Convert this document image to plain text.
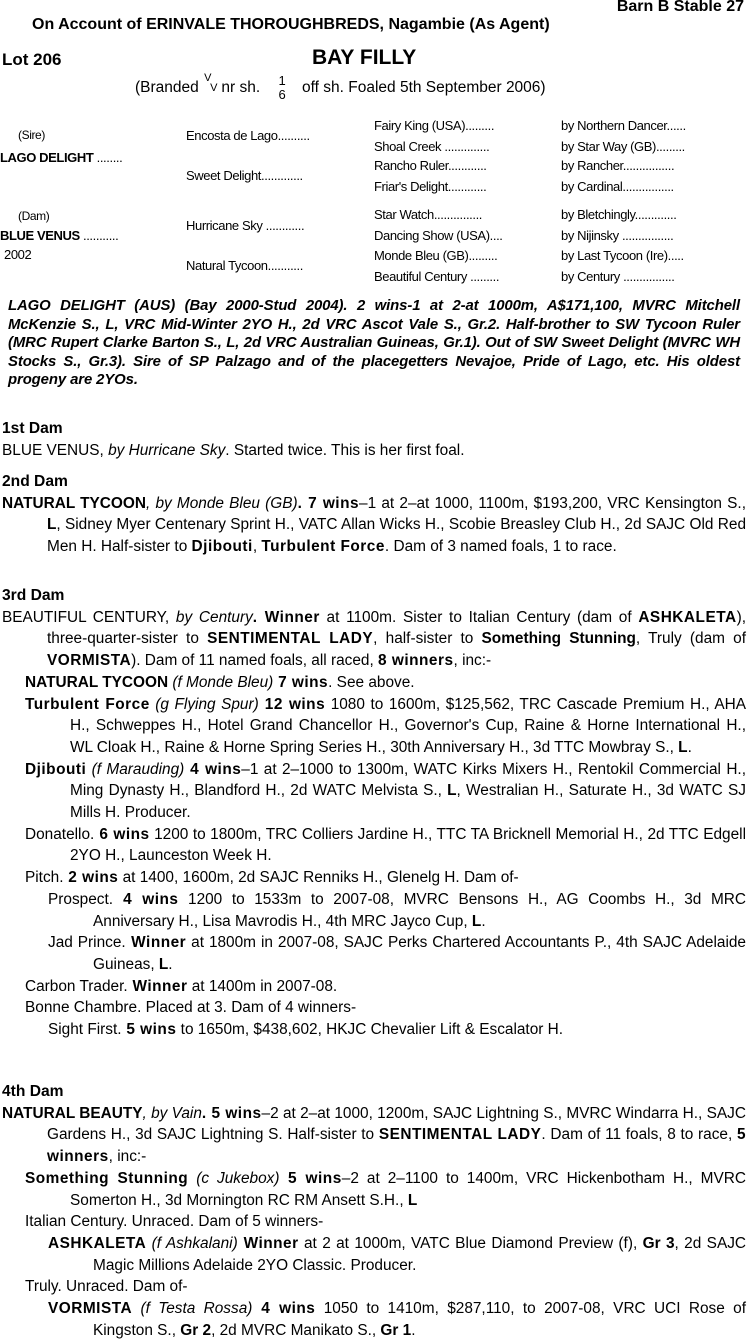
Barn B Stable 27
On Account of ERINVALE THOROUGHBREDS, Nagambie (As Agent)
Lot 206	BAY FILLY
(Branded
V
V nr sh. 1
6 off sh. Foaled 5th September 2006)
(Sire)
LAGO DELIGHT ........
(Dam)
BLUE VENUS ...........
2002
Encosta de Lago..........
Sweet Delight.............
Hurricane Sky ............
Natural Tycoon...........
Fairy King (USA).........
Shoal Creek ..............
Rancho Ruler............
Friar's Delight............
Star Watch...............
Dancing Show (USA)....
Monde Bleu (GB).........
Beautiful Century .........
by Northern Dancer......
by Star Way (GB).........
by Rancher................
by Cardinal................
by Bletchingly.............
by Nijinsky ................
by Last Tycoon (Ire).....
by Century ................
LAGO DELIGHT (AUS) (Bay 2000-Stud 2004). 2 wins-1 at 2-at 1000m, A$171,100, MVRC Mitchell McKenzie S., L, VRC Mid-Winter 2YO H., 2d VRC Ascot Vale S., Gr.2. Half-brother to SW Tycoon Ruler (MRC Rupert Clarke Barton S., L, 2d VRC Australian Guineas, Gr.1). Out of SW Sweet Delight (MVRC WH Stocks S., Gr.3). Sire of SP Palzago and of the placegetters Nevajoe, Pride of Lago, etc. His oldest progeny are 2YOs.
1st Dam
BLUE VENUS, by Hurricane Sky. Started twice. This is her first foal.
2nd Dam
NATURAL TYCOON, by Monde Bleu (GB). 7 wins–1 at 2–at 1000, 1100m, $193,200, VRC Kensington S., L, Sidney Myer Centenary Sprint H., VATC Allan Wicks H., Scobie Breasley Club H., 2d SAJC Old Red Men H. Half-sister to Djibouti, Turbulent Force. Dam of 3 named foals, 1 to race.
3rd Dam
BEAUTIFUL CENTURY, by Century. Winner at 1100m. Sister to Italian Century (dam of ASHKALETA), three-quarter-sister to SENTIMENTAL LADY, half-sister to Something Stunning, Truly (dam of VORMISTA). Dam of 11 named foals, all raced, 8 winners, inc:-
NATURAL TYCOON (f Monde Bleu) 7 wins. See above.
Turbulent Force (g Flying Spur) 12 wins 1080 to 1600m, $125,562, TRC Cascade Premium H., AHA H., Schweppes H., Hotel Grand Chancellor H., Governor's Cup, Raine & Horne International H., WL Cloak H., Raine & Horne Spring Series H., 30th Anniversary H., 3d TTC Mowbray S., L.
Djibouti (f Marauding) 4 wins–1 at 2–1000 to 1300m, WATC Kirks Mixers H., Rentokil Commercial H., Ming Dynasty H., Blandford H., 2d WATC Melvista S., L, Westralian H., Saturate H., 3d WATC SJ Mills H. Producer.
Donatello. 6 wins 1200 to 1800m, TRC Colliers Jardine H., TTC TA Bricknell Memorial H., 2d TTC Edgell 2YO H., Launceston Week H.
Pitch. 2 wins at 1400, 1600m, 2d SAJC Renniks H., Glenelg H. Dam of-
Prospect. 4 wins 1200 to 1533m to 2007-08, MVRC Bensons H., AG Coombs H., 3d MRC Anniversary H., Lisa Mavrodis H., 4th MRC Jayco Cup, L.
Jad Prince. Winner at 1800m in 2007-08, SAJC Perks Chartered Accountants P., 4th SAJC Adelaide Guineas, L.
Carbon Trader. Winner at 1400m in 2007-08.
Bonne Chambre. Placed at 3. Dam of 4 winners-
Sight First. 5 wins to 1650m, $438,602, HKJC Chevalier Lift & Escalator H.
4th Dam
NATURAL BEAUTY, by Vain. 5 wins–2 at 2–at 1000, 1200m, SAJC Lightning S., MVRC Windarra H., SAJC Gardens H., 3d SAJC Lightning S. Half-sister to SENTIMENTAL LADY. Dam of 11 foals, 8 to race, 5 winners, inc:-
Something Stunning (c Jukebox) 5 wins–2 at 2–1100 to 1400m, VRC Hickenbotham H., MVRC Somerton H., 3d Mornington RC RM Ansett S.H., L
Italian Century. Unraced. Dam of 5 winners-
ASHKALETA (f Ashkalani) Winner at 2 at 1000m, VATC Blue Diamond Preview (f), Gr 3, 2d SAJC Magic Millions Adelaide 2YO Classic. Producer.
Truly. Unraced. Dam of-
VORMISTA (f Testa Rossa) 4 wins 1050 to 1410m, $287,110, to 2007-08, VRC UCI Rose of Kingston S., Gr 2, 2d MVRC Manikato S., Gr 1.
